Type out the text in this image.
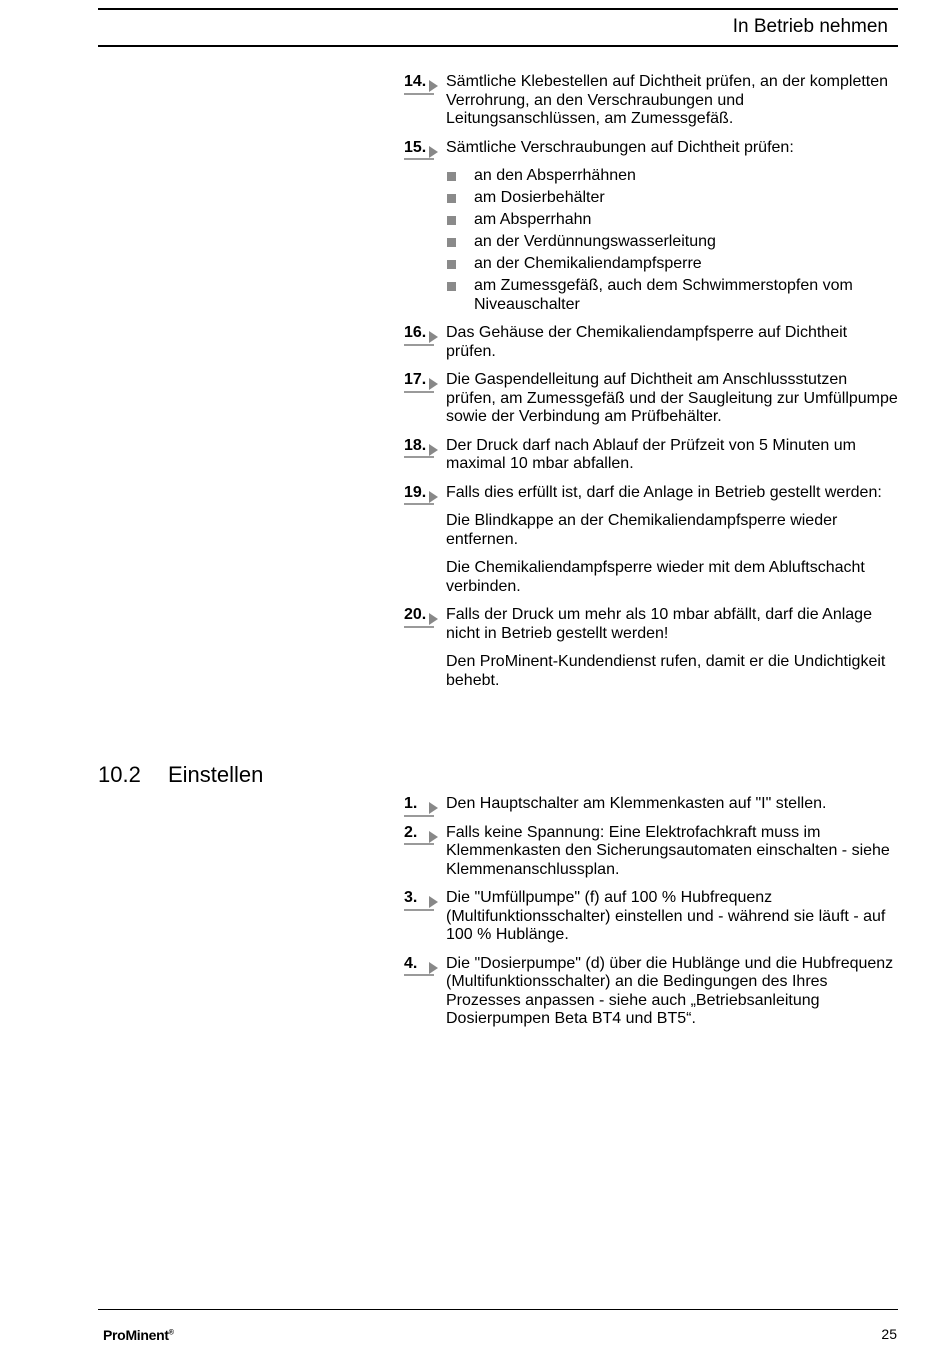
In Betrieb nehmen
14.	Sämtliche Klebestellen auf Dichtheit prüfen, an der kompletten Verrohrung, an den Verschraubungen und Leitungsanschlüssen, am Zumessgefäß.
15.	Sämtliche Verschraubungen auf Dichtheit prüfen:
an den Absperrhähnen
am Dosierbehälter
am Absperrhahn
an der Verdünnungswasserleitung
an der Chemikaliendampfsperre
am Zumessgefäß, auch dem Schwimmerstopfen vom Niveauschalter
16.	Das Gehäuse der Chemikaliendampfsperre auf Dichtheit prüfen.
17.	Die Gaspendelleitung auf Dichtheit am Anschlussstutzen prüfen, am Zumessgefäß und der Saugleitung zur Umfüllpumpe sowie der Verbindung am Prüfbehälter.
18.	Der Druck darf nach Ablauf der Prüfzeit von 5 Minuten um maximal 10 mbar abfallen.
19.	Falls dies erfüllt ist, darf die Anlage in Betrieb gestellt werden:
Die Blindkappe an der Chemikaliendampfsperre wieder entfernen.
Die Chemikaliendampfsperre wieder mit dem Abluftschacht verbinden.
20.	Falls der Druck um mehr als 10 mbar abfällt, darf die Anlage nicht in Betrieb gestellt werden!
Den ProMinent-Kundendienst rufen, damit er die Undichtigkeit behebt.
10.2 Einstellen
1.	Den Hauptschalter am Klemmenkasten auf "I" stellen.
2.	Falls keine Spannung: Eine Elektrofachkraft muss im Klemmenkasten den Sicherungsautomaten einschalten - siehe Klemmenanschlussplan.
3.	Die "Umfüllpumpe" (f) auf 100 % Hubfrequenz (Multifunktionsschalter) einstellen und - während sie läuft - auf 100 % Hublänge.
4.	Die "Dosierpumpe" (d) über die Hublänge und die Hubfrequenz (Multifunktionsschalter) an die Bedingungen des Ihres Prozesses anpassen - siehe auch „Betriebsanleitung Dosierpumpen Beta BT4 und BT5“.
ProMinent®	25
